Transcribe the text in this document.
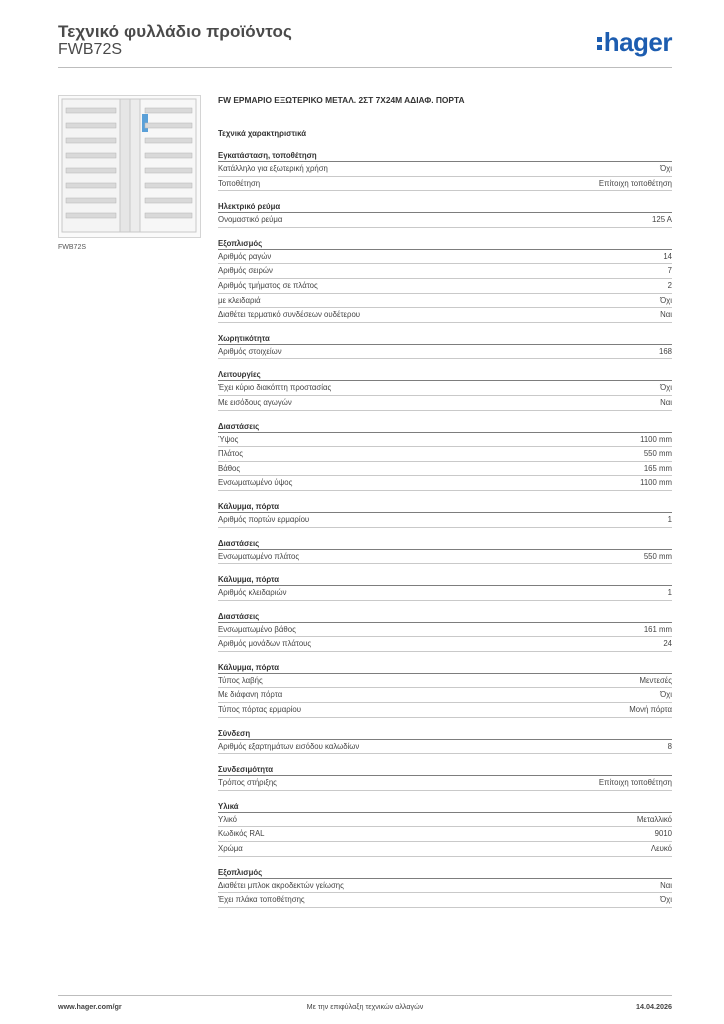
Τεχνικό φυλλάδιο προϊόντος
FWB72S	hager
FWB72S
FW ΕΡΜΑΡΙΟ ΕΞΩΤΕΡΙΚΟ ΜΕΤΑΛ. 2ΣΤ 7Χ24Μ ΑΔΙΑΦ. ΠΟΡΤΑ
Τεχνικά χαρακτηριστικά
Εγκατάσταση, τοποθέτηση
Κατάλληλο για εξωτερική χρήση	Όχι
Τοποθέτηση	Επίτοιχη τοποθέτηση
Ηλεκτρικό ρεύμα
Ονομαστικό ρεύμα	125 A
Εξοπλισμός
Αριθμός ραγών	14
Αριθμός σειρών	7
Αριθμός τμήματος σε πλάτος	2
με κλειδαριά	Όχι
Διαθέτει τερματικό συνδέσεων ουδέτερου	Ναι
Χωρητικότητα
Αριθμός στοιχείων	168
Λειτουργίες
Έχει κύριο διακόπτη προστασίας	Όχι
Με εισόδους αγωγών	Ναι
Διαστάσεις
Ύψος	1100 mm
Πλάτος	550 mm
Βάθος	165 mm
Ενσωματωμένο ύψος	1100 mm
Κάλυμμα, πόρτα
Αριθμός πορτών ερμαρίου	1
Διαστάσεις
Ενσωματωμένο πλάτος	550 mm
Κάλυμμα, πόρτα
Αριθμός κλειδαριών	1
Διαστάσεις
Ενσωματωμένο βάθος	161 mm
Αριθμός μονάδων πλάτους	24
Κάλυμμα, πόρτα
Τύπος λαβής	Μεντεσές
Με διάφανη πόρτα	Όχι
Τύπος πόρτας ερμαρίου	Μονή πόρτα
Σύνδεση
Αριθμός εξαρτημάτων εισόδου καλωδίων	8
Συνδεσιμότητα
Τρόπος στήριξης	Επίτοιχη τοποθέτηση
Υλικά
Υλικό	Μεταλλικό
Κωδικός RAL	9010
Χρώμα	Λευκό
Εξοπλισμός
Διαθέτει μπλοκ ακροδεκτών γείωσης	Ναι
Έχει πλάκα τοποθέτησης	Όχι
www.hager.com/gr	Με την επιφύλαξη τεχνικών αλλαγών	14.04.2026
